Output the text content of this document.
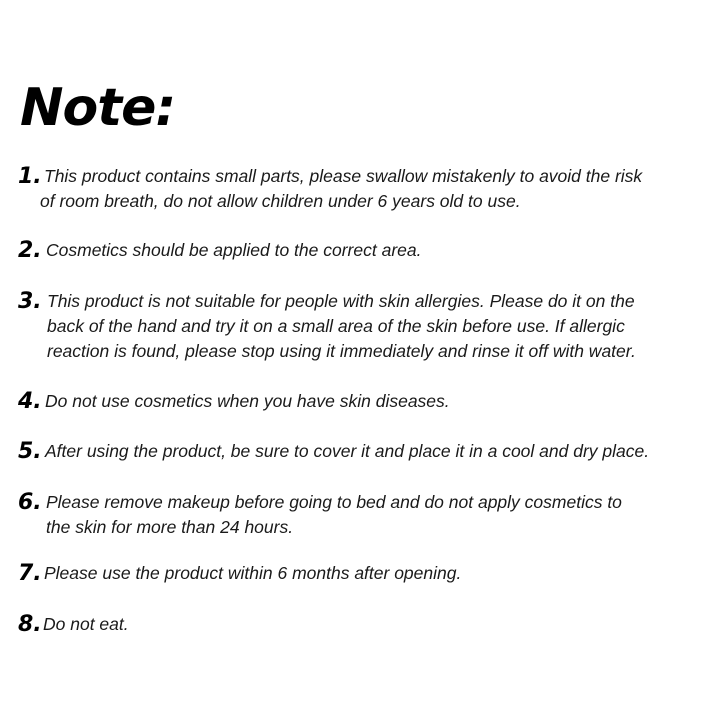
Note:
1. This product contains small parts, please swallow mistakenly to avoid the risk
of room breath, do not allow children under 6 years old to use.

2. Cosmetics should be applied to the correct area.

3. This product is not suitable for people with skin allergies. Please do it on the
back of the hand and try it on a small area of the skin before use. If allergic
reaction is found, please stop using it immediately and rinse it off with water.

4. Do not use cosmetics when you have skin diseases.

5. After using the product, be sure to cover it and place it in a cool and dry place.

6. Please remove makeup before going to bed and do not apply cosmetics to
the skin for more than 24 hours.

7. Please use the product within 6 months after opening.

8. Do not eat.
